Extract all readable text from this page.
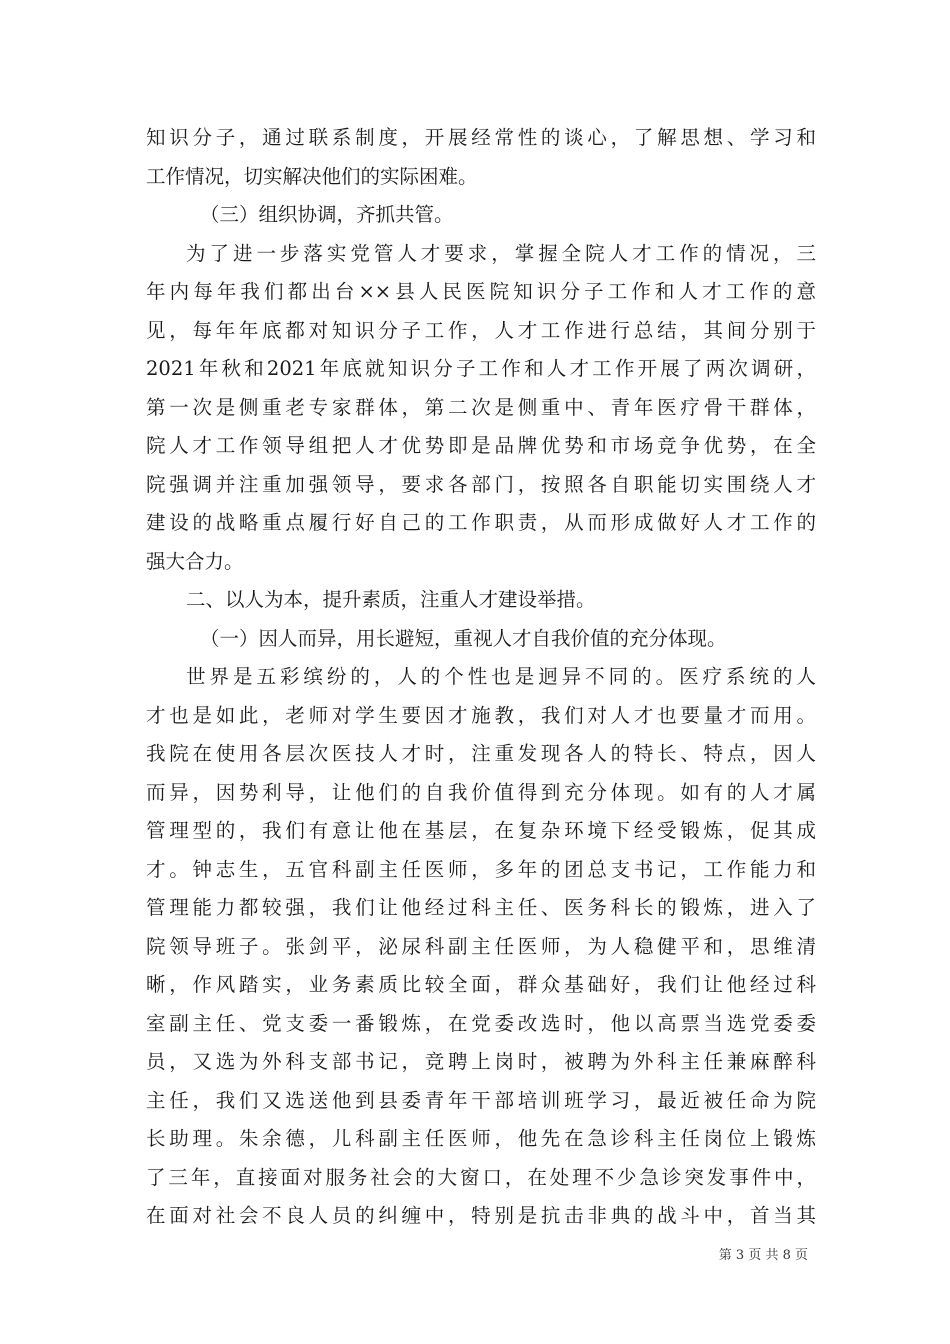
知识分子，通过联系制度，开展经常性的谈心，了解思想、学习和
工作情况，切实解决他们的实际困难。
（三）组织协调，齐抓共管。
为了进一步落实党管人才要求，掌握全院人才工作的情况，三
年内每年我们都出台××县人民医院知识分子工作和人才工作的意
见，每年年底都对知识分子工作，人才工作进行总结，其间分别于
2021年秋和2021年底就知识分子工作和人才工作开展了两次调研，
第一次是侧重老专家群体，第二次是侧重中、青年医疗骨干群体，
院人才工作领导组把人才优势即是品牌优势和市场竞争优势，在全
院强调并注重加强领导，要求各部门，按照各自职能切实围绕人才
建设的战略重点履行好自己的工作职责，从而形成做好人才工作的
强大合力。
二、以人为本，提升素质，注重人才建设举措。
（一）因人而异，用长避短，重视人才自我价值的充分体现。
世界是五彩缤纷的，人的个性也是迥异不同的。医疗系统的人
才也是如此，老师对学生要因才施教，我们对人才也要量才而用。
我院在使用各层次医技人才时，注重发现各人的特长、特点，因人
而异，因势利导，让他们的自我价值得到充分体现。如有的人才属
管理型的，我们有意让他在基层，在复杂环境下经受锻炼，促其成
才。钟志生，五官科副主任医师，多年的团总支书记，工作能力和
管理能力都较强，我们让他经过科主任、医务科长的锻炼，进入了
院领导班子。张剑平，泌尿科副主任医师，为人稳健平和，思维清
晰，作风踏实，业务素质比较全面，群众基础好，我们让他经过科
室副主任、党支委一番锻炼，在党委改选时，他以高票当选党委委
员，又选为外科支部书记，竞聘上岗时，被聘为外科主任兼麻醉科
主任，我们又选送他到县委青年干部培训班学习，最近被任命为院
长助理。朱余德，儿科副主任医师，他先在急诊科主任岗位上锻炼
了三年，直接面对服务社会的大窗口，在处理不少急诊突发事件中，
在面对社会不良人员的纠缠中，特别是抗击非典的战斗中，首当其
第 3 页 共 8 页
